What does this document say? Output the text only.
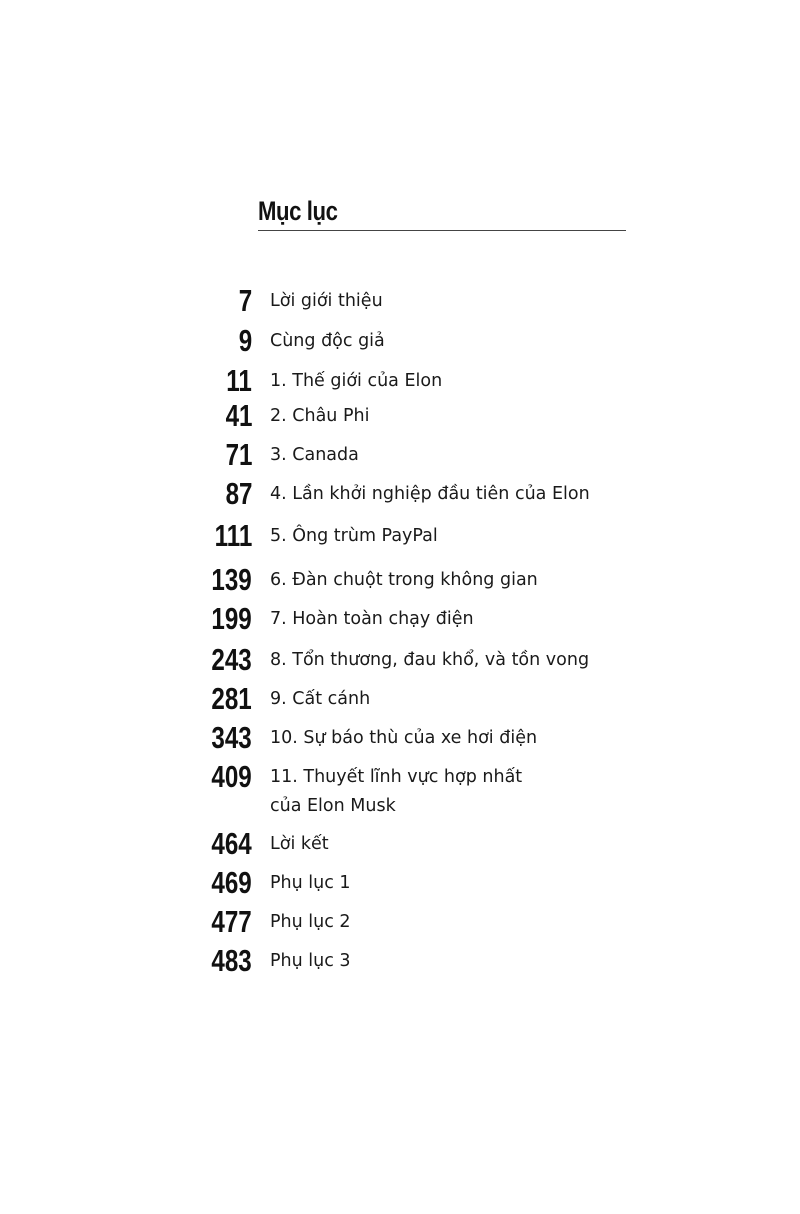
Mục lục
7 Lời giới thiệu
9 Cùng độc giả
11 1. Thế giới của Elon
41 2. Châu Phi
71 3. Canada
87 4. Lần khởi nghiệp đầu tiên của Elon
111 5. Ông trùm PayPal
139 6. Đàn chuột trong không gian
199 7. Hoàn toàn chạy điện
243 8. Tổn thương, đau khổ, và tồn vong
281 9. Cất cánh
343 10. Sự báo thù của xe hơi điện
409 11. Thuyết lĩnh vực hợp nhất
của Elon Musk
464 Lời kết
469 Phụ lục 1
477 Phụ lục 2
483 Phụ lục 3
